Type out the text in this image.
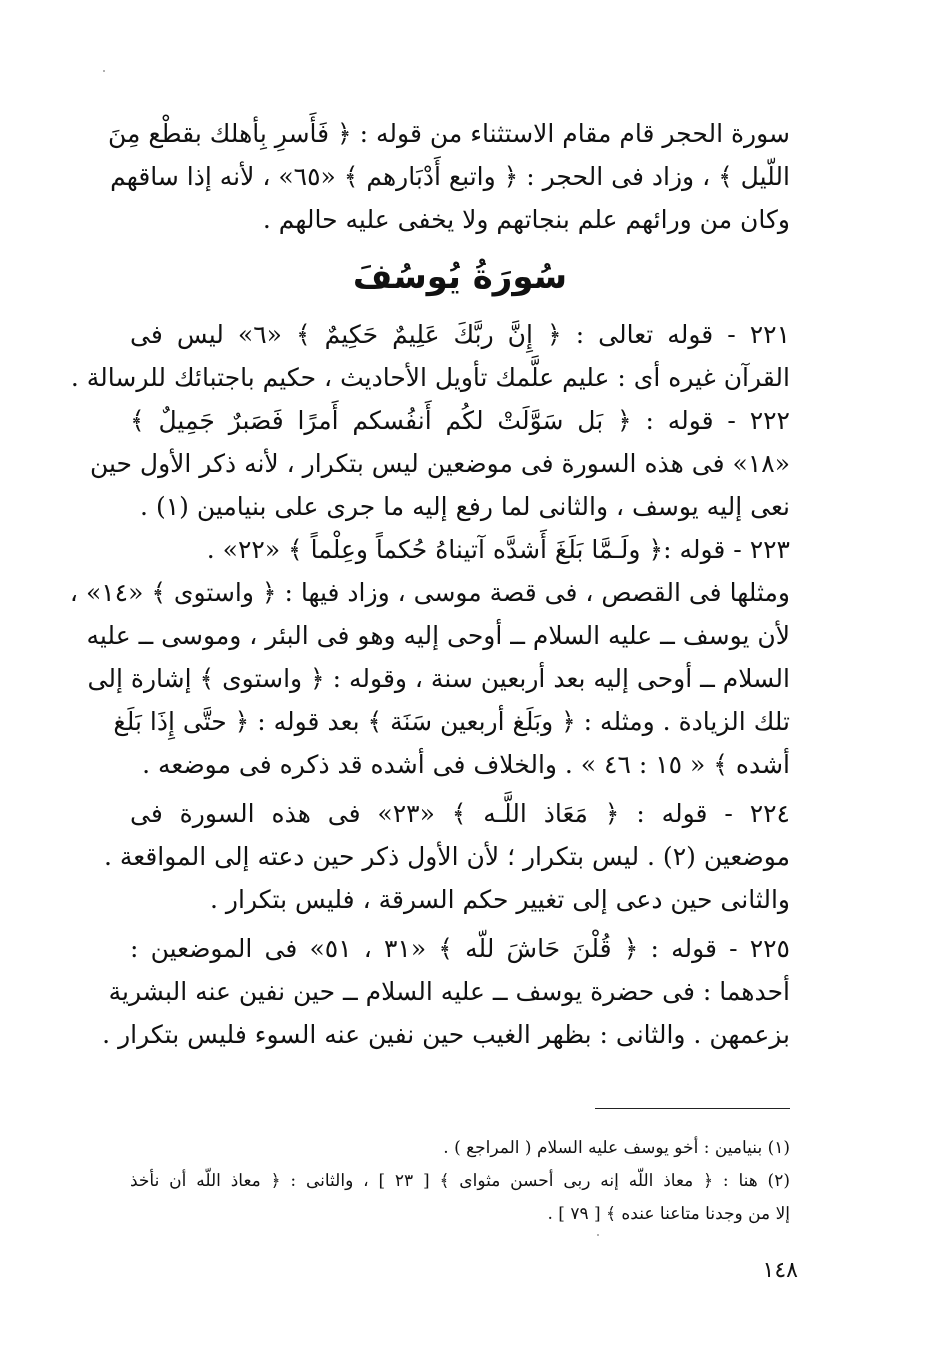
سورة الحجر قام مقام الاستثناء من قوله : ﴿ فَأَسرِ بِأهلك بقطْع مِنَ
اللّيل ﴾ ، وزاد فى الحجر : ﴿ واتبع أَدْبَارهم ﴾ «٦٥» ، لأنه إذا ساقهم
وكان من ورائهم علم بنجاتهم ولا يخفى عليه حالهم .
سُورَةُ يُوسُفَ
٢٢١ - قوله تعالى : ﴿ إِنَّ ربَّكَ عَلِيمٌ حَكِيمٌ ﴾ «٦» ليس فى
القرآن غيره أى : عليم علَّمك تأويل الأحاديث ، حكيم باجتبائك للرسالة .
٢٢٢ - قوله : ﴿ بَل سَوَّلَتْ لكُم أَنفُسكم أَمرًا فَصَبرٌ جَمِيلٌ ﴾
«١٨» فى هذه السورة فى موضعين ليس بتكرار ، لأنه ذكر الأول حين
نعى إليه يوسف ، والثانى لما رفع إليه ما جرى على بنيامين (١) .
٢٢٣ - قوله :﴿ ولَـمَّا بَلَغَ أَشدَّه آتيناهُ حُكماً وعِلْماً ﴾ «٢٢» .
ومثلها فى القصص ، فى قصة موسى ، وزاد فيها : ﴿ واستوى ﴾ «١٤» ،
لأن يوسف ــ عليه السلام ــ أوحى إليه وهو فى البئر ، وموسى ــ عليه
السلام ــ أوحى إليه بعد أربعين سنة ، وقوله : ﴿ واستوى ﴾ إشارة إلى
تلك الزيادة . ومثله : ﴿ وبَلَغ أربعين سَنَة ﴾ بعد قوله : ﴿ حتَّى إِذَا بَلَغ
أشده ﴾ « ١٥ : ٤٦ » . والخلاف فى أشده قد ذكره فى موضعه .
٢٢٤ - قوله : ﴿ مَعَاذ اللَّـه ﴾ «٢٣» فى هذه السورة فى
موضعين (٢) . ليس بتكرار ؛ لأن الأول ذكر حين دعته إلى المواقعة .
والثانى حين دعى إلى تغيير حكم السرقة ، فليس بتكرار .
٢٢٥ - قوله : ﴿ قُلْنَ حَاشَ للّه ﴾ «٣١ ، ٥١» فى الموضعين :
أحدهما : فى حضرة يوسف ــ عليه السلام ــ حين نفين عنه البشرية
بزعمهن . والثانى : بظهر الغيب حين نفين عنه السوء فليس بتكرار .
(١) بنيامين : أخو يوسف عليه السلام ( المراجع ) .
(٢) هنا : ﴿ معاذ اللّه إنه ربى أحسن مثواى ﴾ [ ٢٣ ] ، والثانى : ﴿ معاذ اللّه أن نأخذ
إلا من وجدنا متاعنا عنده ﴾ [ ٧٩ ] .
١٤٨
